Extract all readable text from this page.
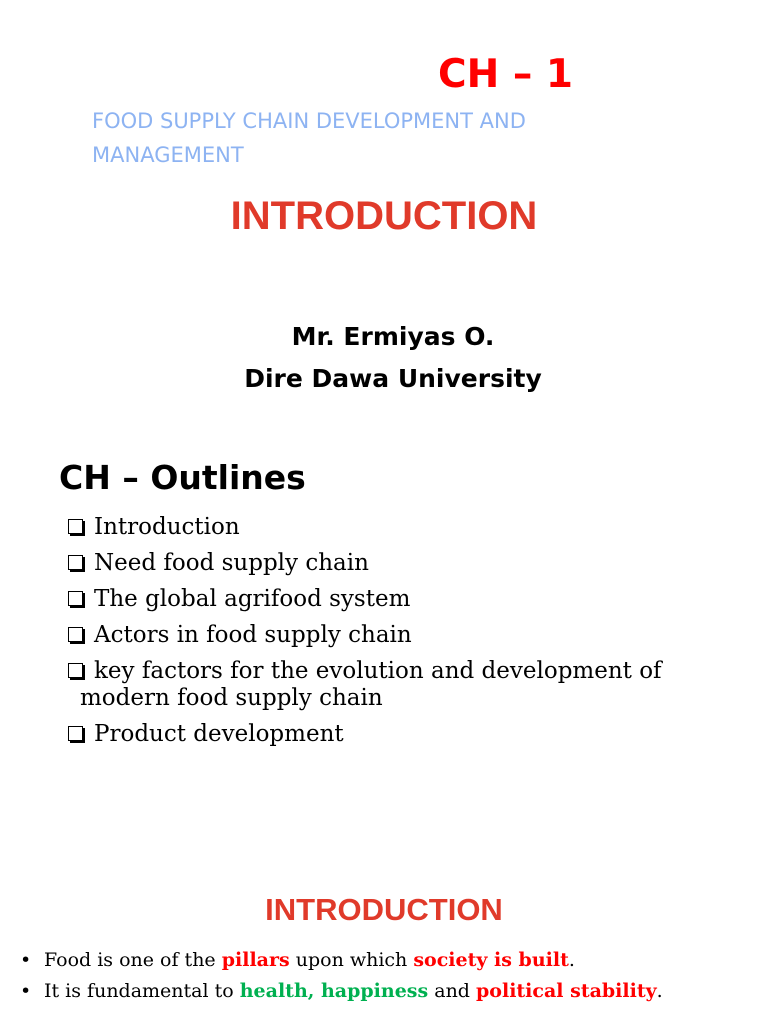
CH – 1
FOOD SUPPLY CHAIN DEVELOPMENT AND MANAGEMENT
INTRODUCTION
Mr. Ermiyas O.
Dire Dawa University
CH – Outlines
Introduction
Need food supply chain
The global agrifood system
Actors in food supply chain
key factors for the evolution and development of modern food supply chain
Product development
INTRODUCTION
• Food is one of the pillars upon which society is built.
• It is fundamental to health, happiness and political stability.
